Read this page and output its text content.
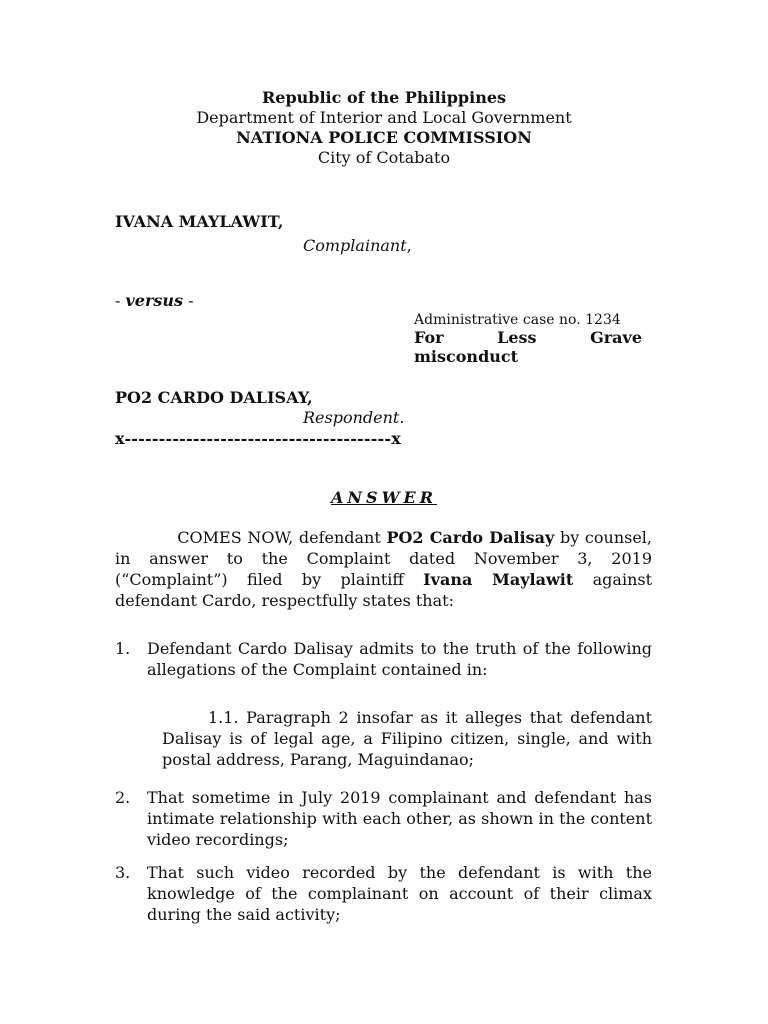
Republic of the Philippines
Department of Interior and Local Government
NATIONA POLICE COMMISSION
City of Cotabato
IVANA MAYLAWIT,
Complainant,
- versus -
Administrative case no. 1234
For Less Grave
misconduct
PO2 CARDO DALISAY,
Respondent.
x---------------------------------------x
ANSWER
COMES NOW, defendant PO2 Cardo Dalisay by counsel, in answer to the Complaint dated November 3, 2019 (“Complaint”) filed by plaintiff Ivana Maylawit against defendant Cardo, respectfully states that:
1. Defendant Cardo Dalisay admits to the truth of the following allegations of the Complaint contained in:
1.1. Paragraph 2 insofar as it alleges that defendant Dalisay is of legal age, a Filipino citizen, single, and with postal address, Parang, Maguindanao;
2. That sometime in July 2019 complainant and defendant has intimate relationship with each other, as shown in the content video recordings;
3. That such video recorded by the defendant is with the knowledge of the complainant on account of their climax during the said activity;
